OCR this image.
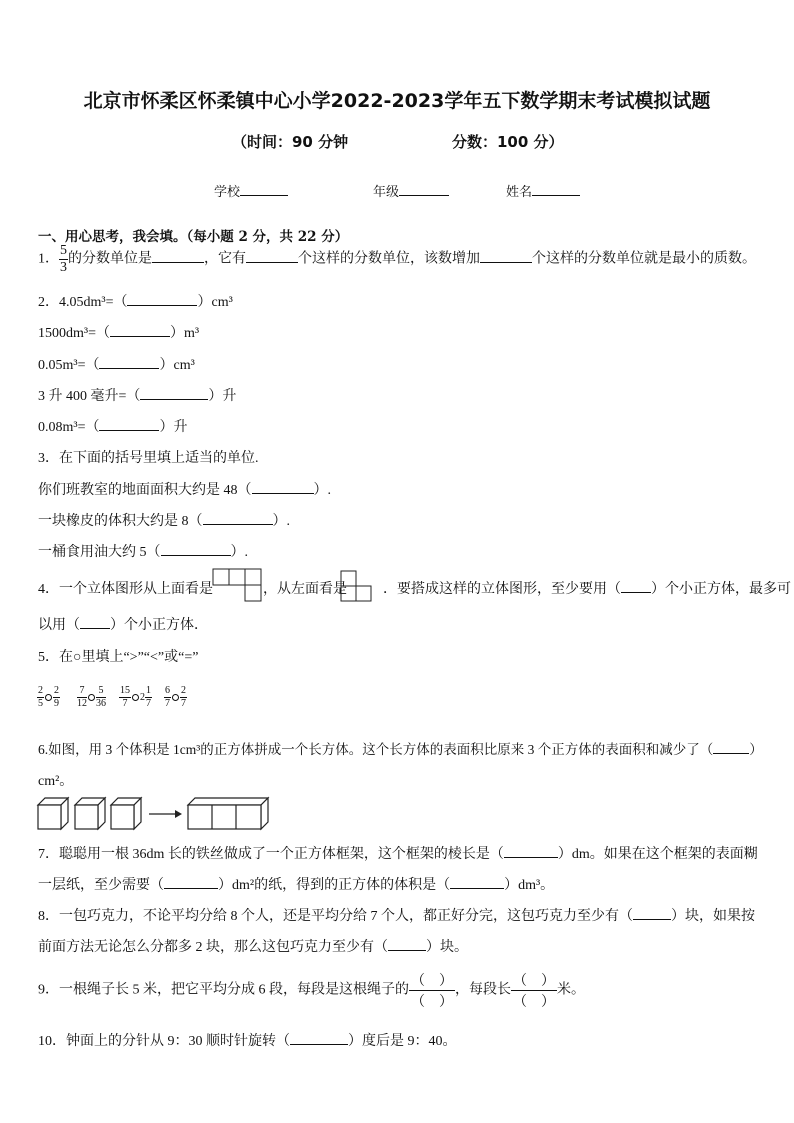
北京市怀柔区怀柔镇中心小学2022-2023学年五下数学期末考试模拟试题
（时间：90 分钟	分数：100 分）
学校	年级	姓名
一、用心思考，我会填。（每小题 2 分，共 22 分）
1． $\frac{5}{3}$ 的分数单位是	，它有	个这样的分数单位，该数增加	个这样的分数单位就是最小的质数。
2．4.05dm³=（	）cm³
1500dm³=（	）m³
0.05m³=（	）cm³
3 升 400 毫升=（	）升
0.08m³=（	）升
3．在下面的括号里填上适当的单位.
你们班教室的地面面积大约是 48（	）.
一块橡皮的体积大约是 8（	）.
一桶食用油大约 5（	）.
4．一个立体图形从上面看是	，从左面看是	．要搭成这样的立体图形，至少要用（ ）个小正方体，最多可
以用（ ）个小正方体．
5．在○里填上“>”“<”或“=”
$\frac{2}{5} \frac{2}{9} \frac{7}{12} \frac{5}{36} \frac{15}{7} 2 \frac{1}{7} \frac{6}{7} \frac{2}{7}$
6.如图，用 3 个体积是 1cm³的正方体拼成一个长方体。这个长方体的表面积比原来 3 个正方体的表面积和减少了（	）
cm²。
7．聪聪用一根 36dm 长的铁丝做成了一个正方体框架，这个框架的棱长是（	）dm。如果在这个框架的表面糊
一层纸，至少需要（	）dm²的纸，得到的正方体的体积是（	）dm³。
8．一包巧克力，不论平均分给 8 个人，还是平均分给 7 个人，都正好分完，这包巧克力至少有（	）块，如果按
前面方法无论怎么分都多 2 块，那么这包巧克力至少有（	）块。
9．一根绳子长 5 米，把它平均分成 6 段，每段是这根绳子的 $\frac{( )}{( )}$ ，每段长 $\frac{( )}{( )}$ 米。
10．钟面上的分针从 9：30 顺时针旋转（	）度后是 9：40。
